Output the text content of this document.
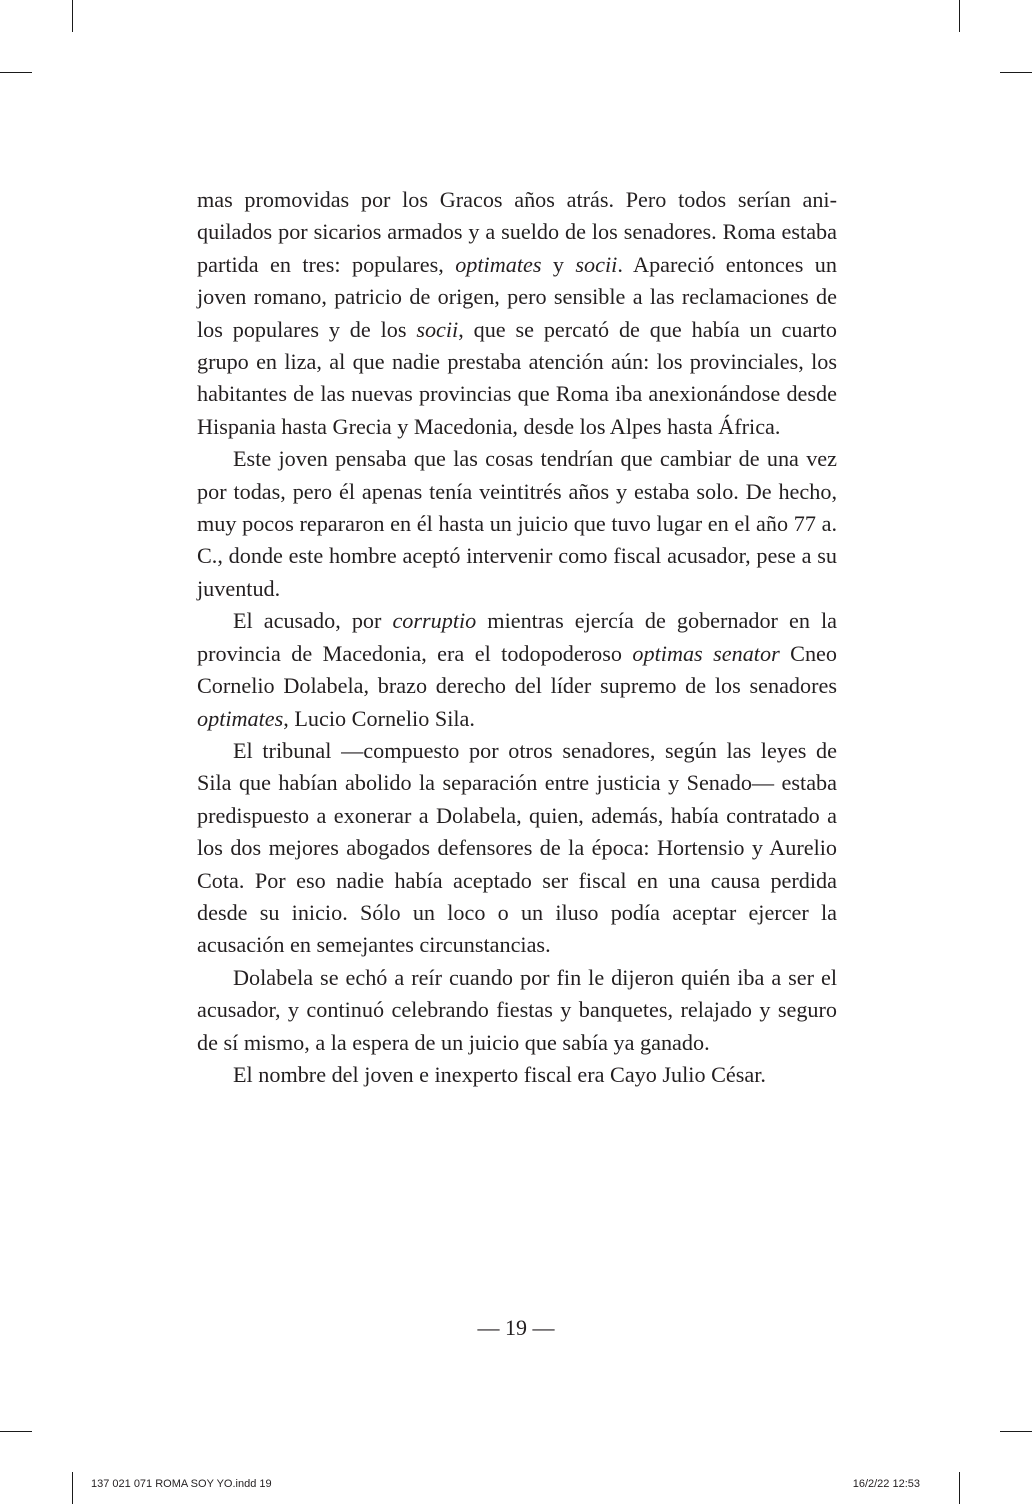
mas promovidas por los Gracos años atrás. Pero todos serían aniquilados por sicarios armados y a sueldo de los senadores. Roma estaba partida en tres: populares, optimates y socii. Apareció entonces un joven romano, patricio de origen, pero sensible a las reclamaciones de los populares y de los socii, que se percató de que había un cuarto grupo en liza, al que nadie prestaba atención aún: los provinciales, los habitantes de las nuevas provincias que Roma iba anexionándose desde Hispania hasta Grecia y Macedonia, desde los Alpes hasta África.

Este joven pensaba que las cosas tendrían que cambiar de una vez por todas, pero él apenas tenía veintitrés años y estaba solo. De hecho, muy pocos repararon en él hasta un juicio que tuvo lugar en el año 77 a. C., donde este hombre aceptó intervenir como fiscal acusador, pese a su juventud.

El acusado, por corruptio mientras ejercía de gobernador en la provincia de Macedonia, era el todopoderoso optimas senator Cneo Cornelio Dolabela, brazo derecho del líder supremo de los senadores optimates, Lucio Cornelio Sila.

El tribunal —compuesto por otros senadores, según las leyes de Sila que habían abolido la separación entre justicia y Senado— estaba predispuesto a exonerar a Dolabela, quien, además, había contratado a los dos mejores abogados defensores de la época: Hortensio y Aurelio Cota. Por eso nadie había aceptado ser fiscal en una causa perdida desde su inicio. Sólo un loco o un iluso podía aceptar ejercer la acusación en semejantes circunstancias.

Dolabela se echó a reír cuando por fin le dijeron quién iba a ser el acusador, y continuó celebrando fiestas y banquetes, relajado y seguro de sí mismo, a la espera de un juicio que sabía ya ganado.

El nombre del joven e inexperto fiscal era Cayo Julio César.

— 19 —
137 021 071 ROMA SOY YO.indd 19	16/2/22 12:53
